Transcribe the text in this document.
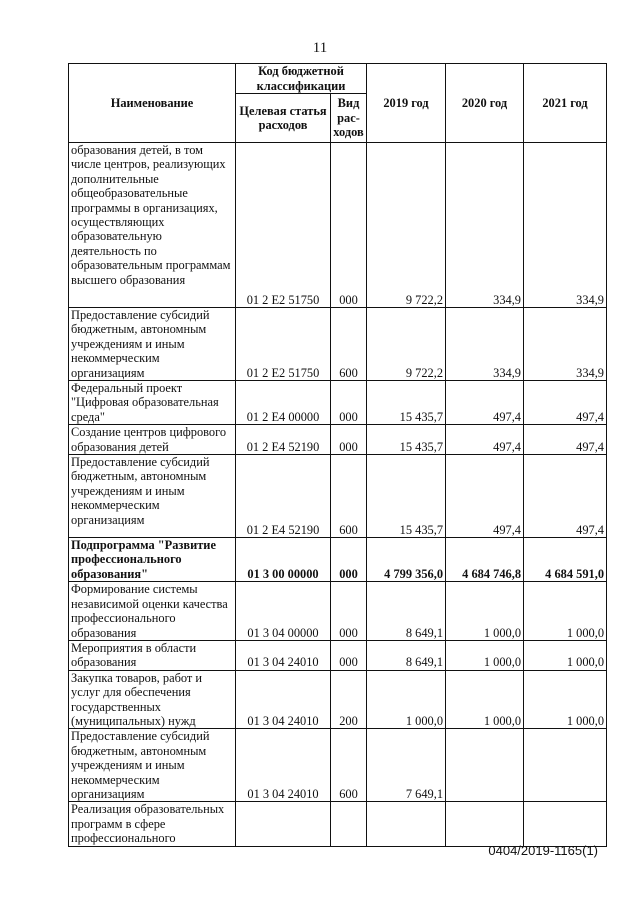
11
Наименование	Код бюджетной классификации		2019 год	2020 год	2021 год
	Целевая статья расходов	Вид рас-ходов			
образования детей, в том числе центров, реализующих дополнительные общеобразовательные программы в организациях, осуществляющих образовательную деятельность по образовательным программам высшего образования	01 2 E2 51750	000	9 722,2	334,9	334,9
Предоставление субсидий бюджетным, автономным учреждениям и иным некоммерческим организациям	01 2 E2 51750	600	9 722,2	334,9	334,9
Федеральный проект "Цифровая образовательная среда"	01 2 E4 00000	000	15 435,7	497,4	497,4
Создание центров цифрового образования детей	01 2 E4 52190	000	15 435,7	497,4	497,4
Предоставление субсидий бюджетным, автономным учреждениям и иным некоммерческим организациям	01 2 E4 52190	600	15 435,7	497,4	497,4
Подпрограмма "Развитие профессионального образования"	01 3 00 00000	000	4 799 356,0	4 684 746,8	4 684 591,0
Формирование системы независимой оценки качества профессионального образования	01 3 04 00000	000	8 649,1	1 000,0	1 000,0
Мероприятия в области образования	01 3 04 24010	000	8 649,1	1 000,0	1 000,0
Закупка товаров, работ и услуг для обеспечения государственных (муниципальных) нужд	01 3 04 24010	200	1 000,0	1 000,0	1 000,0
Предоставление субсидий бюджетным, автономным учреждениям и иным некоммерческим организациям	01 3 04 24010	600	7 649,1		
Реализация образовательных программ в сфере профессионального					
0404/2019-1165(1)
